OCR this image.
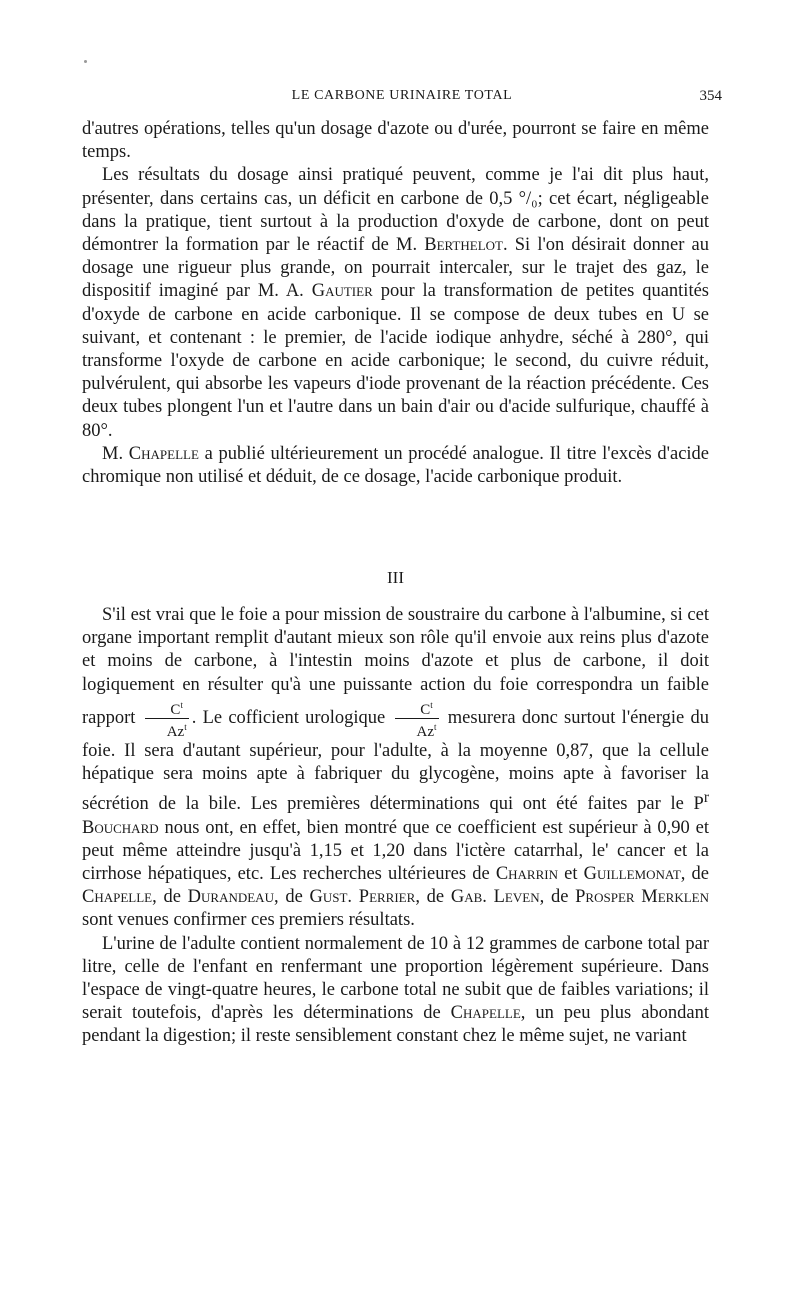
LE CARBONE URINAIRE TOTAL	354

d'autres opérations, telles qu'un dosage d'azote ou d'urée, pourront se faire en même temps.

Les résultats du dosage ainsi pratiqué peuvent, comme je l'ai dit plus haut, présenter, dans certains cas, un déficit en carbone de 0,5 °/₀; cet écart, négligeable dans la pratique, tient surtout à la production d'oxyde de carbone, dont on peut démontrer la formation par le réactif de M. Berthelot. Si l'on désirait donner au dosage une rigueur plus grande, on pourrait intercaler, sur le trajet des gaz, le dispositif imaginé par M. A. Gautier pour la transformation de petites quantités d'oxyde de carbone en acide carbonique. Il se compose de deux tubes en U se suivant, et contenant : le premier, de l'acide iodique anhydre, séché à 280°, qui transforme l'oxyde de carbone en acide carbonique; le second, du cuivre réduit, pulvérulent, qui absorbe les vapeurs d'iode provenant de la réaction précédente. Ces deux tubes plongent l'un et l'autre dans un bain d'air ou d'acide sulfurique, chauffé à 80°.

M. Chapelle a publié ultérieurement un procédé analogue. Il titre l'excès d'acide chromique non utilisé et déduit, de ce dosage, l'acide carbonique produit.

III

S'il est vrai que le foie a pour mission de soustraire du carbone à l'albumine, si cet organe important remplit d'autant mieux son rôle qu'il envoie aux reins plus d'azote et moins de carbone, à l'intestin moins d'azote et plus de carbone, il doit logiquement en résulter qu'à une puissante action du foie correspondra un faible rapport $\frac{C^t}{Az^t}$ . Le cofficient urologique $\frac{C^t}{Az^t}$ mesurera donc surtout l'énergie du foie. Il sera d'autant supérieur, pour l'adulte, à la moyenne 0,87, que la cellule hépatique sera moins apte à fabriquer du glycogène, moins apte à favoriser la sécrétion de la bile. Les premières déterminations qui ont été faites par le $P^r$ Bouchard nous ont, en effet, bien montré que ce coefficient est supérieur à 0,90 et peut même atteindre jusqu'à 1,15 et 1,20 dans l'ictère catarrhal, le' cancer et la cirrhose hépatiques, etc. Les recherches ultérieures de Charrin et Guillemonat, de Chapelle, de Durandeau, de Gust. Perrier, de Gab. Leven, de Prosper Merklen sont venues confirmer ces premiers résultats.

L'urine de l'adulte contient normalement de 10 à 12 grammes de carbone total par litre, celle de l'enfant en renfermant une proportion légèrement supérieure. Dans l'espace de vingt-quatre heures, le carbone total ne subit que de faibles variations; il serait toutefois, d'après les déterminations de Chapelle, un peu plus abondant pendant la digestion; il reste sensiblement constant chez le même sujet, ne variant
